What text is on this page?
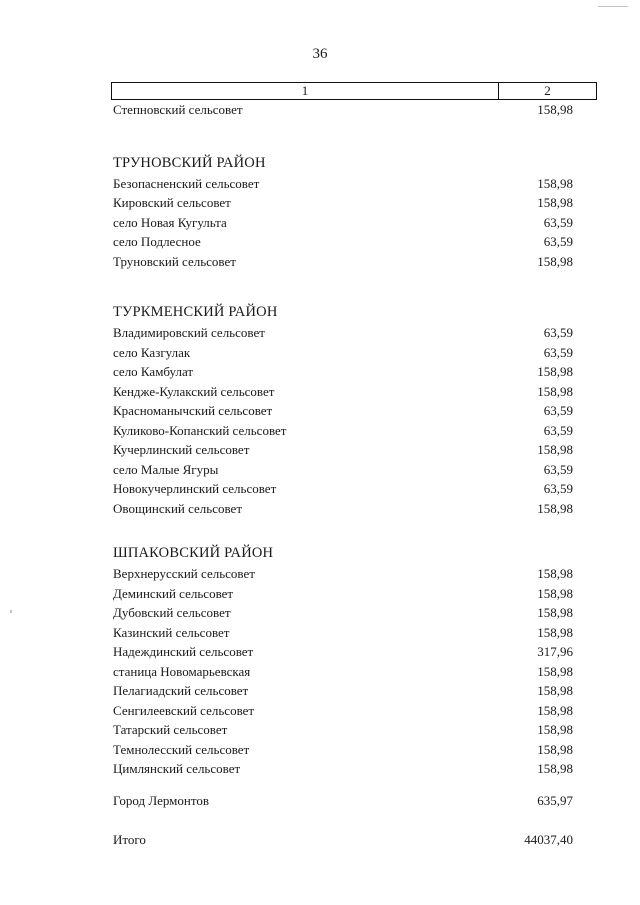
36
1	2
Степновский сельсовет	158,98
ТРУНОВСКИЙ РАЙОН
Безопасненский сельсовет	158,98
Кировский сельсовет	158,98
село Новая Кугульта	63,59
село Подлесное	63,59
Труновский сельсовет	158,98
ТУРКМЕНСКИЙ РАЙОН
Владимировский сельсовет	63,59
село Казгулак	63,59
село Камбулат	158,98
Кендже-Кулакский сельсовет	158,98
Красноманычский сельсовет	63,59
Куликово-Копанский сельсовет	63,59
Кучерлинский сельсовет	158,98
село Малые Ягуры	63,59
Новокучерлинский сельсовет	63,59
Овощинский сельсовет	158,98
ШПАКОВСКИЙ РАЙОН
Верхнерусский сельсовет	158,98
Деминский сельсовет	158,98
Дубовский сельсовет	158,98
Казинский сельсовет	158,98
Надеждинский сельсовет	317,96
станица Новомарьевская	158,98
Пелагиадский сельсовет	158,98
Сенгилеевский сельсовет	158,98
Татарский сельсовет	158,98
Темнолесский сельсовет	158,98
Цимлянский сельсовет	158,98
Город Лермонтов	635,97
Итого	44037,40
